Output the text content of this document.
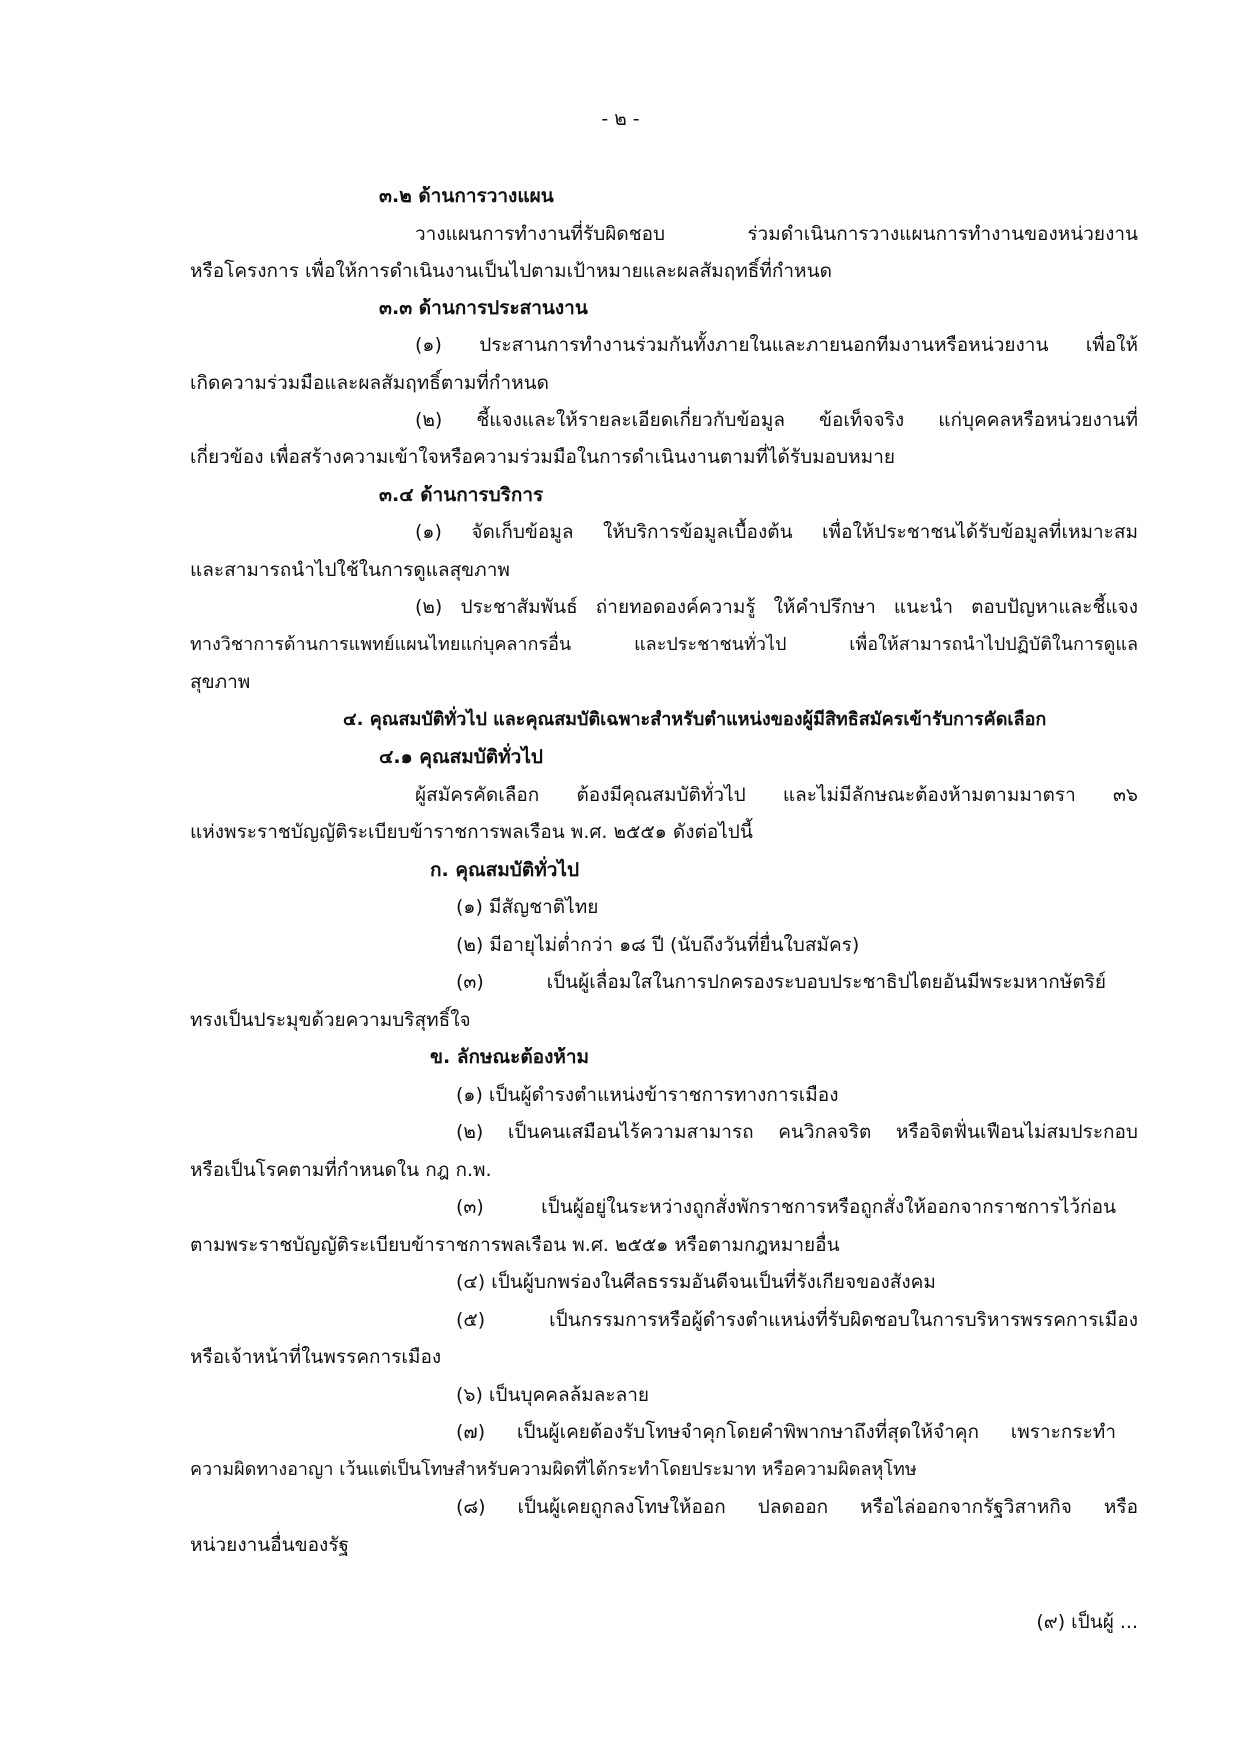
- ๒ -
๓.๒ ด้านการวางแผน
วางแผนการทำงานที่รับผิดชอบ ร่วมดำเนินการวางแผนการทำงานของหน่วยงาน
หรือโครงการ เพื่อให้การดำเนินงานเป็นไปตามเป้าหมายและผลสัมฤทธิ์ที่กำหนด
๓.๓ ด้านการประสานงาน
(๑) ประสานการทำงานร่วมกันทั้งภายในและภายนอกทีมงานหรือหน่วยงาน เพื่อให้
เกิดความร่วมมือและผลสัมฤทธิ์ตามที่กำหนด
(๒) ชี้แจงและให้รายละเอียดเกี่ยวกับข้อมูล ข้อเท็จจริง แก่บุคคลหรือหน่วยงานที่
เกี่ยวข้อง เพื่อสร้างความเข้าใจหรือความร่วมมือในการดำเนินงานตามที่ได้รับมอบหมาย
๓.๔ ด้านการบริการ
(๑) จัดเก็บข้อมูล ให้บริการข้อมูลเบื้องต้น เพื่อให้ประชาชนได้รับข้อมูลที่เหมาะสม
และสามารถนำไปใช้ในการดูแลสุขภาพ
(๒) ประชาสัมพันธ์ ถ่ายทอดองค์ความรู้ ให้คำปรึกษา แนะนำ ตอบปัญหาและชี้แจง
ทางวิชาการด้านการแพทย์แผนไทยแก่บุคลากรอื่น และประชาชนทั่วไป เพื่อให้สามารถนำไปปฏิบัติในการดูแล
สุขภาพ
๔. คุณสมบัติทั่วไป และคุณสมบัติเฉพาะสำหรับตำแหน่งของผู้มีสิทธิสมัครเข้ารับการคัดเลือก
๔.๑ คุณสมบัติทั่วไป
ผู้สมัครคัดเลือก ต้องมีคุณสมบัติทั่วไป และไม่มีลักษณะต้องห้ามตามมาตรา ๓๖
แห่งพระราชบัญญัติระเบียบข้าราชการพลเรือน พ.ศ. ๒๕๕๑ ดังต่อไปนี้
ก. คุณสมบัติทั่วไป
(๑) มีสัญชาติไทย
(๒) มีอายุไม่ต่ำกว่า ๑๘ ปี (นับถึงวันที่ยื่นใบสมัคร)
(๓) เป็นผู้เลื่อมใสในการปกครองระบอบประชาธิปไตยอันมีพระมหากษัตริย์
ทรงเป็นประมุขด้วยความบริสุทธิ์ใจ
ข. ลักษณะต้องห้าม
(๑) เป็นผู้ดำรงตำแหน่งข้าราชการทางการเมือง
(๒) เป็นคนเสมือนไร้ความสามารถ คนวิกลจริต หรือจิตฟั่นเฟือนไม่สมประกอบ
หรือเป็นโรคตามที่กำหนดใน กฎ ก.พ.
(๓) เป็นผู้อยู่ในระหว่างถูกสั่งพักราชการหรือถูกสั่งให้ออกจากราชการไว้ก่อน
ตามพระราชบัญญัติระเบียบข้าราชการพลเรือน พ.ศ. ๒๕๕๑ หรือตามกฎหมายอื่น
(๔) เป็นผู้บกพร่องในศีลธรรมอันดีจนเป็นที่รังเกียจของสังคม
(๕) เป็นกรรมการหรือผู้ดำรงตำแหน่งที่รับผิดชอบในการบริหารพรรคการเมือง
หรือเจ้าหน้าที่ในพรรคการเมือง
(๖) เป็นบุคคลล้มละลาย
(๗) เป็นผู้เคยต้องรับโทษจำคุกโดยคำพิพากษาถึงที่สุดให้จำคุก เพราะกระทำ
ความผิดทางอาญา เว้นแต่เป็นโทษสำหรับความผิดที่ได้กระทำโดยประมาท หรือความผิดลหุโทษ
(๘) เป็นผู้เคยถูกลงโทษให้ออก ปลดออก หรือไล่ออกจากรัฐวิสาหกิจ หรือ
หน่วยงานอื่นของรัฐ
(๙) เป็นผู้ ...
